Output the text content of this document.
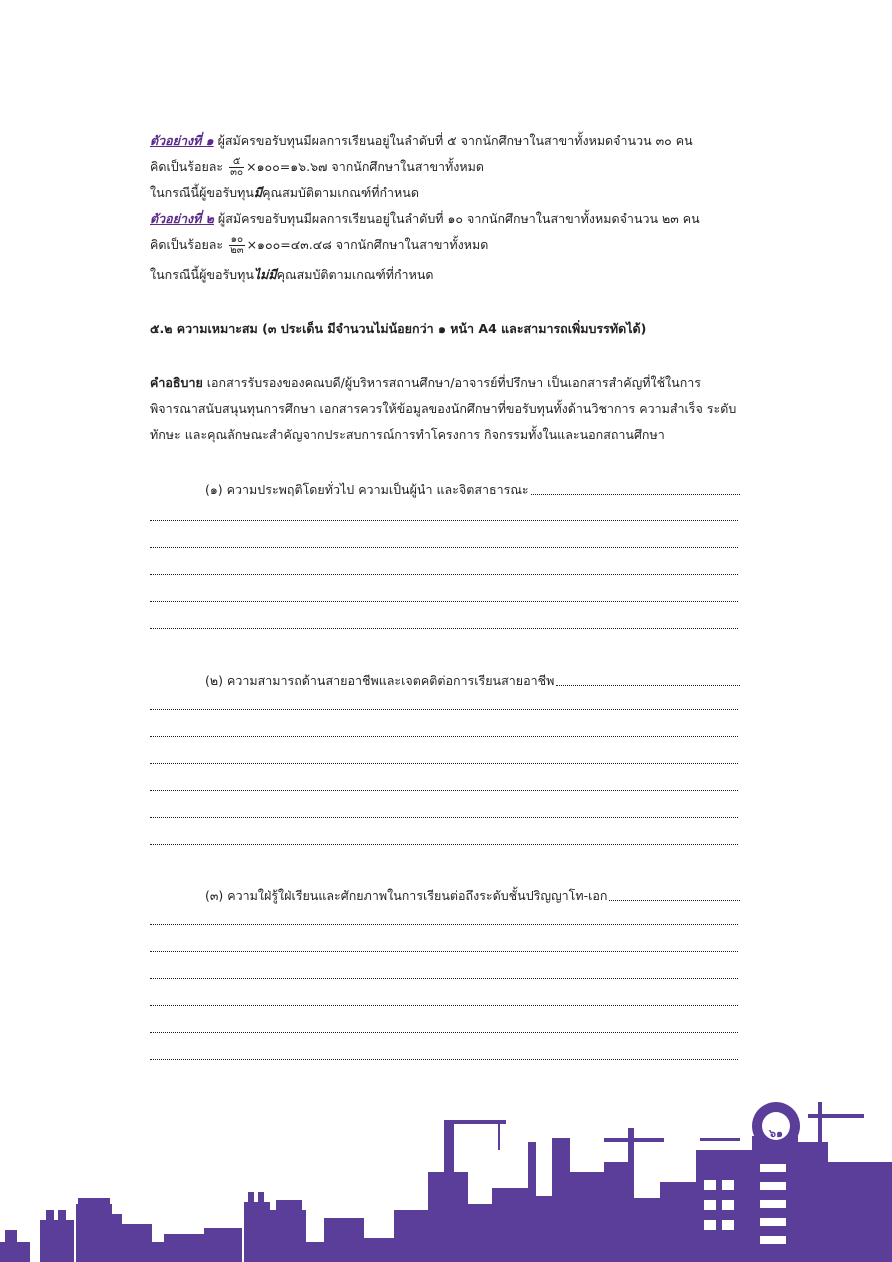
ตัวอย่างที่ ๑ ผู้สมัครขอรับทุนมีผลการเรียนอยู่ในลำดับที่ ๕ จากนักศึกษาในสาขาทั้งหมดจำนวน ๓๐ คน
คิดเป็นร้อยละ $\frac{๕}{๓๐}$ ×๑๐๐=๑๖.๖๗ จากนักศึกษาในสาขาทั้งหมด
ในกรณีนี้ผู้ขอรับทุนมีคุณสมบัติตามเกณฑ์ที่กำหนด
ตัวอย่างที่ ๒ ผู้สมัครขอรับทุนมีผลการเรียนอยู่ในลำดับที่ ๑๐ จากนักศึกษาในสาขาทั้งหมดจำนวน ๒๓ คน
คิดเป็นร้อยละ $\frac{๑๐}{๒๓}$ ×๑๐๐=๔๓.๔๘ จากนักศึกษาในสาขาทั้งหมด
ในกรณีนี้ผู้ขอรับทุนไม่มีคุณสมบัติตามเกณฑ์ที่กำหนด
๕.๒ ความเหมาะสม (๓ ประเด็น มีจำนวนไม่น้อยกว่า ๑ หน้า A4 และสามารถเพิ่มบรรทัดได้)
คำอธิบาย เอกสารรับรองของคณบดี/ผู้บริหารสถานศึกษา/อาจารย์ที่ปรึกษา เป็นเอกสารสำคัญที่ใช้ในการพิจารณาสนับสนุนทุนการศึกษา เอกสารควรให้ข้อมูลของนักศึกษาที่ขอรับทุนทั้งด้านวิชาการ ความสำเร็จ ระดับทักษะ และคุณลักษณะสำคัญจากประสบการณ์การทำโครงการ กิจกรรมทั้งในและนอกสถานศึกษา
(๑) ความประพฤติโดยทั่วไป ความเป็นผู้นำ และจิตสาธารณะ
(๒) ความสามารถด้านสายอาชีพและเจตคติต่อการเรียนสายอาชีพ
(๓) ความใฝ่รู้ใฝ่เรียนและศักยภาพในการเรียนต่อถึงระดับชั้นปริญญาโท-เอก
๖๑
